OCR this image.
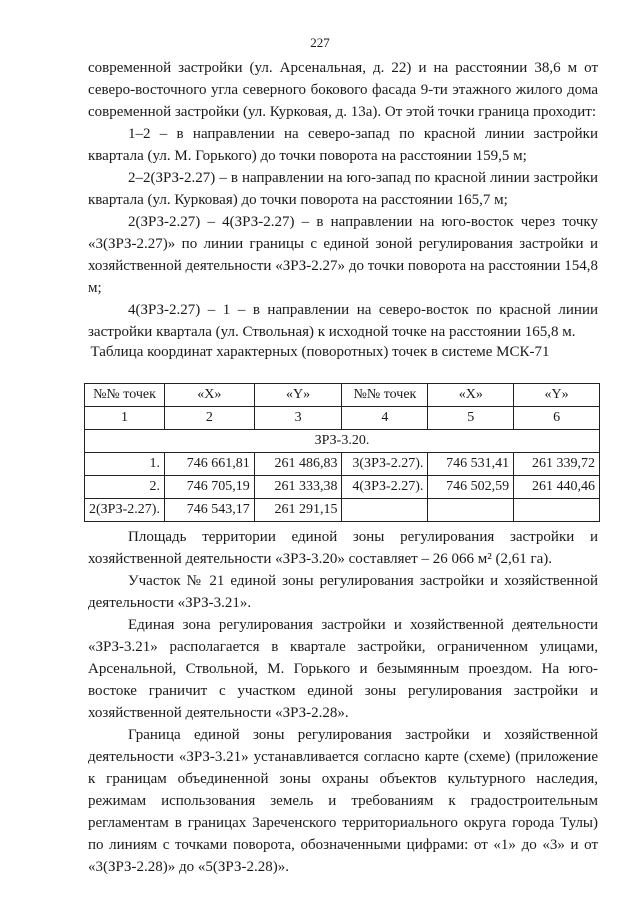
227

современной застройки (ул. Арсенальная, д. 22) и на расстоянии 38,6 м от северо-восточного угла северного бокового фасада 9-ти этажного жилого дома современной застройки (ул. Курковая, д. 13а). От этой точки граница проходит:

1–2 – в направлении на северо-запад по красной линии застройки квартала (ул. М. Горького) до точки поворота на расстоянии 159,5 м;

2–2(ЗРЗ-2.27) – в направлении на юго-запад по красной линии застройки квартала (ул. Курковая) до точки поворота на расстоянии 165,7 м;

2(ЗРЗ-2.27) – 4(ЗРЗ-2.27) – в направлении на юго-восток через точку «3(ЗРЗ-2.27)» по линии границы с единой зоной регулирования застройки и хозяйственной деятельности «ЗРЗ-2.27» до точки поворота на расстоянии 154,8 м;

4(ЗРЗ-2.27) – 1 – в направлении на северо-восток по красной линии застройки квартала (ул. Ствольная) к исходной точке на расстоянии 165,8 м.

Таблица координат характерных (поворотных) точек в системе МСК-71
№№ точек	«X»	«Y»	№№ точек	«X»	«Y»
1	2	3	4	5	6
ЗРЗ-3.20.					
1.	746 661,81	261 486,83	3(ЗРЗ-2.27).	746 531,41	261 339,72
2.	746 705,19	261 333,38	4(ЗРЗ-2.27).	746 502,59	261 440,46
2(ЗРЗ-2.27).	746 543,17	261 291,15			

Площадь территории единой зоны регулирования застройки и хозяйственной деятельности «ЗРЗ-3.20» составляет – 26 066 м² (2,61 га).

Участок № 21 единой зоны регулирования застройки и хозяйственной деятельности «ЗРЗ-3.21».

Единая зона регулирования застройки и хозяйственной деятельности «ЗРЗ-3.21» располагается в квартале застройки, ограниченном улицами, Арсенальной, Ствольной, М. Горького и безымянным проездом. На юго-востоке граничит с участком единой зоны регулирования застройки и хозяйственной деятельности «ЗРЗ-2.28».

Граница единой зоны регулирования застройки и хозяйственной деятельности «ЗРЗ-3.21» устанавливается согласно карте (схеме) (приложение к границам объединенной зоны охраны объектов культурного наследия, режимам использования земель и требованиям к градостроительным регламентам в границах Зареченского территориального округа города Тулы) по линиям с точками поворота, обозначенными цифрами: от «1» до «3» и от «3(ЗРЗ-2.28)» до «5(ЗРЗ-2.28)».
